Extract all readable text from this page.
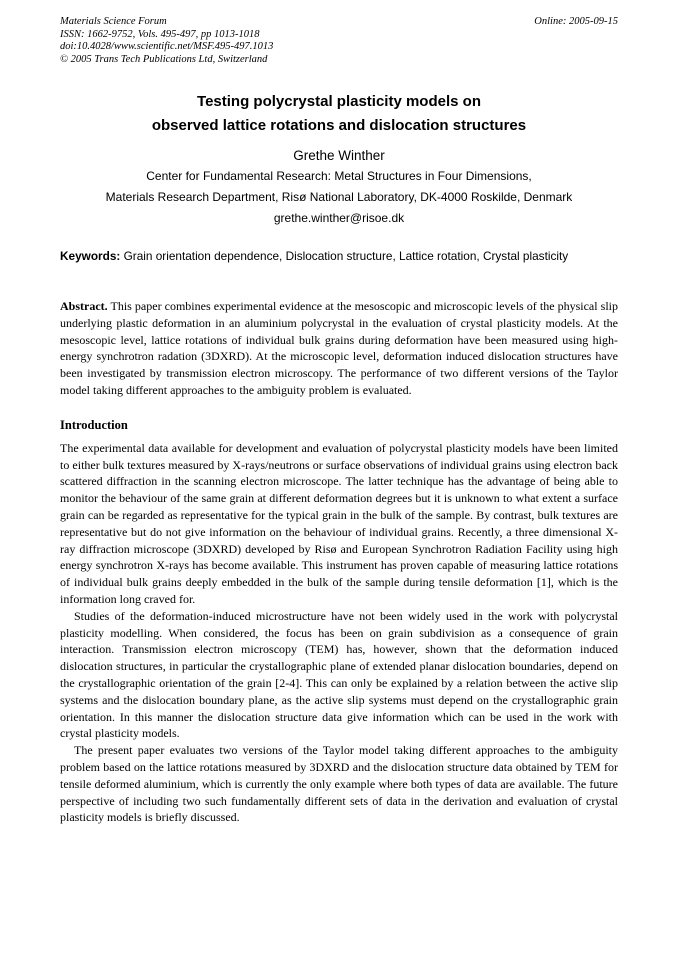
Materials Science Forum
ISSN: 1662-9752, Vols. 495-497, pp 1013-1018
doi:10.4028/www.scientific.net/MSF.495-497.1013
© 2005 Trans Tech Publications Ltd, Switzerland
Online: 2005-09-15
Testing polycrystal plasticity models on
observed lattice rotations and dislocation structures
Grethe Winther
Center for Fundamental Research: Metal Structures in Four Dimensions,
Materials Research Department, Risø National Laboratory, DK-4000 Roskilde, Denmark
grethe.winther@risoe.dk

Keywords: Grain orientation dependence, Dislocation structure, Lattice rotation, Crystal plasticity

Abstract. This paper combines experimental evidence at the mesoscopic and microscopic levels of the physical slip underlying plastic deformation in an aluminium polycrystal in the evaluation of crystal plasticity models. At the mesoscopic level, lattice rotations of individual bulk grains during deformation have been measured using high-energy synchrotron radation (3DXRD). At the microscopic level, deformation induced dislocation structures have been investigated by transmission electron microscopy. The performance of two different versions of the Taylor model taking different approaches to the ambiguity problem is evaluated.

Introduction

The experimental data available for development and evaluation of polycrystal plasticity models have been limited to either bulk textures measured by X-rays/neutrons or surface observations of individual grains using electron back scattered diffraction in the scanning electron microscope. The latter technique has the advantage of being able to monitor the behaviour of the same grain at different deformation degrees but it is unknown to what extent a surface grain can be regarded as representative for the typical grain in the bulk of the sample. By contrast, bulk textures are representative but do not give information on the behaviour of individual grains. Recently, a three dimensional X-ray diffraction microscope (3DXRD) developed by Risø and European Synchrotron Radiation Facility using high energy synchrotron X-rays has become available. This instrument has proven capable of measuring lattice rotations of individual bulk grains deeply embedded in the bulk of the sample during tensile deformation [1], which is the information long craved for.

Studies of the deformation-induced microstructure have not been widely used in the work with polycrystal plasticity modelling. When considered, the focus has been on grain subdivision as a consequence of grain interaction. Transmission electron microscopy (TEM) has, however, shown that the deformation induced dislocation structures, in particular the crystallographic plane of extended planar dislocation boundaries, depend on the crystallographic orientation of the grain [2-4]. This can only be explained by a relation between the active slip systems and the dislocation boundary plane, as the active slip systems must depend on the crystallographic grain orientation. In this manner the dislocation structure data give information which can be used in the work with crystal plasticity models.

The present paper evaluates two versions of the Taylor model taking different approaches to the ambiguity problem based on the lattice rotations measured by 3DXRD and the dislocation structure data obtained by TEM for tensile deformed aluminium, which is currently the only example where both types of data are available. The future perspective of including two such fundamentally different sets of data in the derivation and evaluation of crystal plasticity models is briefly discussed.
